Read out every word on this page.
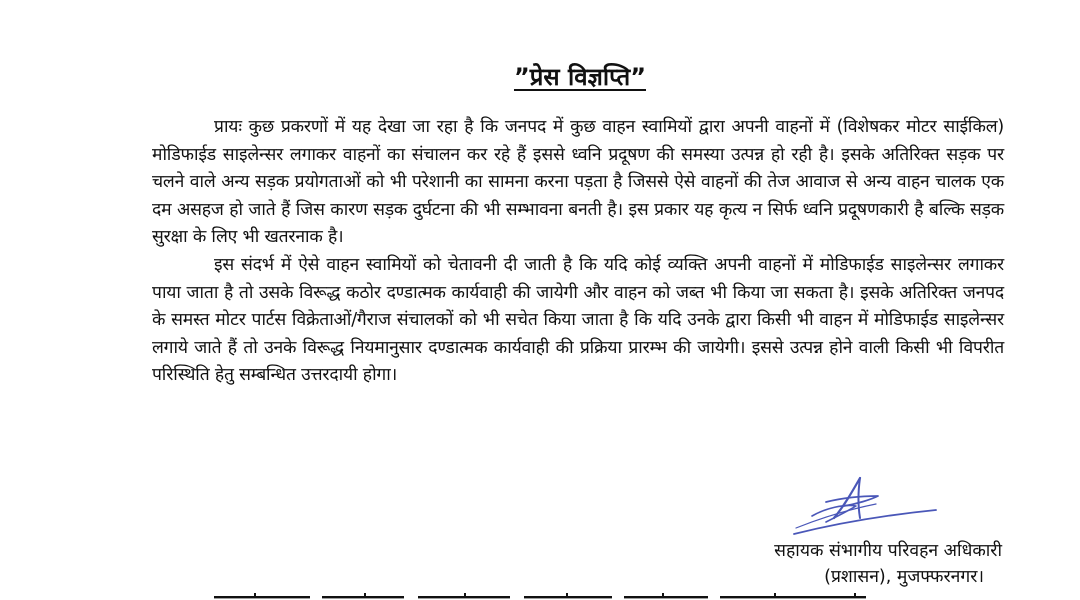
”प्रेस विज्ञप्ति”

प्रायः कुछ प्रकरणों में यह देखा जा रहा है कि जनपद में कुछ वाहन स्वामियों द्वारा अपनी वाहनों में (विशेषकर मोटर साईकिल) मोडिफाईड साइलेन्सर लगाकर वाहनों का संचालन कर रहे हैं इससे ध्वनि प्रदूषण की समस्या उत्पन्न हो रही है। इसके अतिरिक्त सड़क पर चलने वाले अन्य सड़क प्रयोगताओं को भी परेशानी का सामना करना पड़ता है जिससे ऐसे वाहनों की तेज आवाज से अन्य वाहन चालक एक दम असहज हो जाते हैं जिस कारण सड़क दुर्घटना की भी सम्भावना बनती है। इस प्रकार यह कृत्य न सिर्फ ध्वनि प्रदूषणकारी है बल्कि सड़क सुरक्षा के लिए भी खतरनाक है।

इस संदर्भ में ऐसे वाहन स्वामियों को चेतावनी दी जाती है कि यदि कोई व्यक्ति अपनी वाहनों में मोडिफाईड साइलेन्सर लगाकर पाया जाता है तो उसके विरूद्ध कठोर दण्डात्मक कार्यवाही की जायेगी और वाहन को जब्त भी किया जा सकता है। इसके अतिरिक्त जनपद के समस्त मोटर पार्टस विक्रेताओं/गैराज संचालकों को भी सचेत किया जाता है कि यदि उनके द्वारा किसी भी वाहन में मोडिफाईड साइलेन्सर लगाये जाते हैं तो उनके विरूद्ध नियमानुसार दण्डात्मक कार्यवाही की प्रक्रिया प्रारम्भ की जायेगी। इससे उत्पन्न होने वाली किसी भी विपरीत परिस्थिति हेतु सम्बन्धित उत्तरदायी होगा।

सहायक संभागीय परिवहन अधिकारी
(प्रशासन), मुजफ्फरनगर।
